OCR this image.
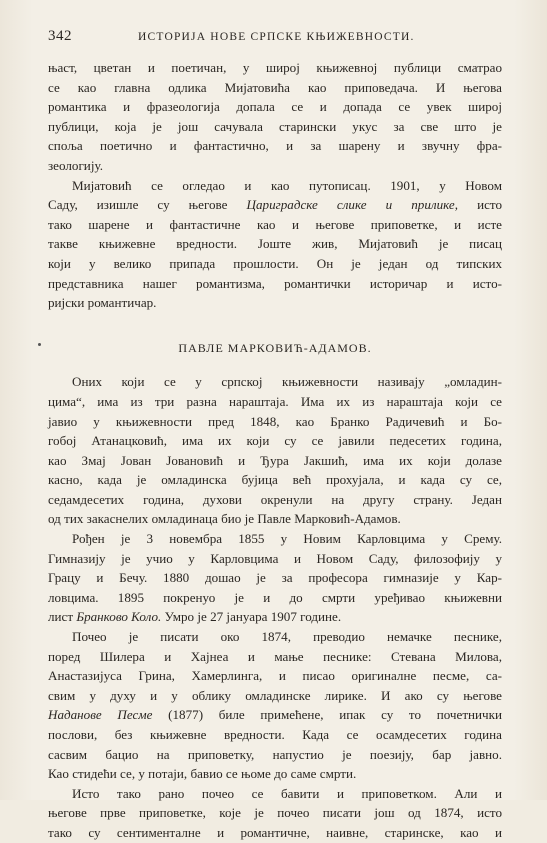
342	ИСТОРИЈА НОВЕ СРПСКЕ КЊИЖЕВНОСТИ.

њаст, цветан и поетичан, у широј књижевној публици сматрао
се као главна одлика Мијатовића као приповедача. И његова
романтика и фразеологија допала се и допада се увек широј
публици, која је још сачувала старински укус за све што је
споља поетично и фантастично, и за шарену и звучну фра-
зеологију.

Мијатовић се огледао и као путописац. 1901, у Новом
Саду, изишле су његове Цариградске слике и прилике, исто
тако шарене и фантастичне као и његове приповетке, и исте
такве књижевне вредности. Јоште жив, Мијатовић је писац
који у велико припада прошлости. Он је један од типских
представника нашег романтизма, романтички историчар и исто-
ријски романтичар.

ПАВЛЕ МАРКОВИЋ-АДАМОВ.

Оних који се у српској књижевности називају „омладин-
цима“, има из три разна нараштаја. Има их из нараштаја који се
јавио у књижевности пред 1848, као Бранко Радичевић и Бо-
гобој Атанацковић, има их који су се јавили педесетих година,
као Змај Јован Јовановић и Ђура Јакшић, има их који долазе
касно, када је омладинска бујица већ прохујала, и када су се,
седамдесетих година, духови окренули на другу страну. Један
од тих закаснелих омладинаца био је Павле Марковић-Адамов.

Рођен је 3 новембра 1855 у Новим Карловцима у Срему.
Гимназију је учио у Карловцима и Новом Саду, филозофију у
Грацу и Бечу. 1880 дошао је за професора гимназије у Кар-
ловцима. 1895 покренуо је и до смрти уређивао књижевни
лист Бранково Коло. Умро је 27 јануара 1907 године.

Почео је писати око 1874, преводио немачке песнике,
поред Шилера и Хајнеа и мање песнике: Стевана Милова,
Анастазијуса Грина, Хамерлинга, и писао оригиналне песме, са-
свим у духу и у облику омладинске лирике. И ако су његове
Наданове Песме (1877) биле примећене, ипак су то почетнички
послови, без књижевне вредности. Када се осамдесетих година
сасвим бацио на приповетку, напустио је поезију, бар јавно.
Као стидећи се, у потаји, бавио се њоме до саме смрти.

Исто тако рано почео се бавити и приповетком. Али и
његове прве приповетке, које је почео писати још од 1874, исто
тако су сентименталне и романтичне, наивне, старинске, као и
